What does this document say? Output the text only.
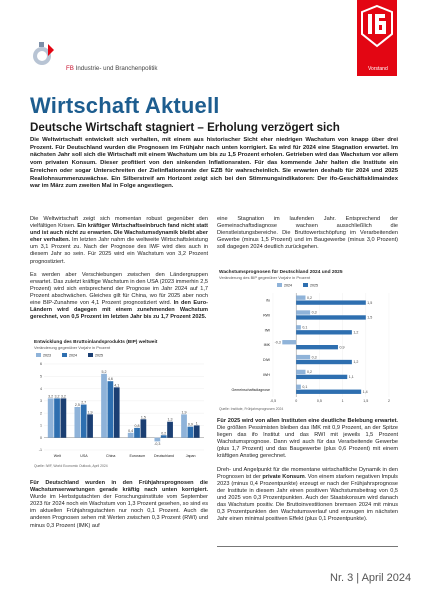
FB Industrie- und Branchenpolitik	Vorstand
Wirtschaft Aktuell
Deutsche Wirtschaft stagniert – Erholung verzögert sich
Die Weltwirtschaft entwickelt sich verhalten, mit einem aus historischer Sicht eher niedrigen Wachstum von knapp über drei Prozent. Für Deutschland wurden die Prognosen im Frühjahr nach unten korrigiert. Es wird für 2024 eine Stagnation erwartet. Im nächsten Jahr soll sich die Wirtschaft mit einem Wachstum um bis zu 1,5 Prozent erholen. Getrieben wird das Wachstum vor allem vom privaten Konsum. Dieser profitiert von den sinkenden Inflationsraten. Für das kommende Jahr halten die Institute ein Erreichen oder sogar Unterschreiten der Zielinflationsrate der EZB für wahrscheinlich. Sie erwarten deshalb für 2024 und 2025 Reallohnsummenzuwächse. Ein Silberstreif am Horizont zeigt sich bei den Stimmungsindikatoren: Der ifo-Geschäftsklimaindex war im März zum zweiten Mal in Folge angestiegen.

Die Weltwirtschaft zeigt sich momentan robust gegenüber den vielfältigen Krisen. Ein kräftiger Wirtschaftseinbruch fand nicht statt und ist auch nicht zu erwarten. Die Wachstumsdynamik bleibt aber eher verhalten. Im letzten Jahr nahm die weltweite Wirtschaftsleistung um 3,1 Prozent zu. Nach der Prognose des IWF wird dies auch in diesem Jahr so sein. Für 2025 wird ein Wachstum von 3,2 Prozent prognostiziert.

Es werden aber Verschiebungen zwischen den Ländergruppen erwartet. Das zuletzt kräftige Wachstum in den USA (2023 immerhin 2,5 Prozent) wird sich entsprechend der Prognose im Jahr 2024 auf 1,7 Prozent abschwächen. Gleiches gilt für China, wo für 2025 aber noch eine BIP-Zunahme von 4,1 Prozent prognostiziert wird. In den Euro-Ländern wird dagegen mit einem zunehmenden Wachstum gerechnet, von 0,5 Prozent im letzten Jahr bis zu 1,7 Prozent 2025.

Entwicklung des Bruttoinlandsprodukts (BIP) weltweit
Veränderung gegenüber Vorjahr in Prozent
2023	2024	2025
-1
0
1
2
3
4
5
6
3,2 3,2 3,2
Welt
2,5
2,7
1,9
USA
5,2
4,6
4,1
China
0,4
0,8
1,5
Euroraum
-0,3
0,2
1,3
Deutschland
1,9
0,9 1
Japan
Quelle: IWF, World Economic Outlook, April 2024

Für Deutschland wurden in den Frühjahrsprognosen die Wachstumserwartungen gerade kräftig nach unten korrigiert. Wurde im Herbstgutachten der Forschungsinstitute vom September 2023 für 2024 noch ein Wachstum von 1,3 Prozent gesehen, so sind es im aktuellen Frühjahrsgutachten nur noch 0,1 Prozent. Auch die anderen Prognosen sehen mit Werten zwischen 0,3 Prozent (RWI) und minus 0,3 Prozent (IMK) auf

eine Stagnation im laufenden Jahr. Entsprechend der Gemeinschaftsdiagnose wachsen ausschließlich die Dienstleistungsbereiche. Die Bruttowertschöpfung im Verarbeitenden Gewerbe (minus 1,5 Prozent) und im Baugewerbe (minus 3,0 Prozent) soll dagegen 2024 deutlich zurückgehen.

Wachstumsprognosen für Deutschland 2024 und 2025
Veränderung des BIP gegenüber Vorjahr in Prozent
2024	2025
-0,5	0	0,5	1	1,5	2
ifo
0,2
1,5
RWI
0,3
1,5
IfW
0,1
1,2
IMK
-0,3
0,9
DIW
0,3
1,2
IWH
0,2
1,1
Gemeinschaftsdiagnose
0,1
1,4
Quelle: Institute, Frühjahrsprognosen 2024

Für 2025 wird von allen Instituten eine deutliche Belebung erwartet. Die größten Pessimisten bleiben das IMK mit 0,9 Prozent, an der Spitze liegen das ifo Institut und das RWI mit jeweils 1,5 Prozent Wachstumsprognose. Dann wird auch für das Verarbeitende Gewerbe (plus 1,7 Prozent) und das Baugewerbe (plus 0,6 Prozent) mit einem kräftigen Anstieg gerechnet.

Dreh- und Angelpunkt für die momentane wirtschaftliche Dynamik in den Prognosen ist der private Konsum. Von einem starken negativen Impuls 2023 (minus 0,4 Prozentpunkte) erzeugt er nach der Frühjahrsprognose der Institute in diesem Jahr einen positiven Wachstumsbeitrag von 0,5 und 2025 von 0,3 Prozentpunkten. Auch der Staatskonsum wird danach das Wachstum positiv. Die Bruttoinvestitionen bremsen 2024 mit minus 0,3 Prozentpunkten den Wachstumsverlauf und erzeugen im nächsten Jahr einen minimal positiven Effekt (plus 0,1 Prozentpunkte).

Nr. 3 | April 2024
